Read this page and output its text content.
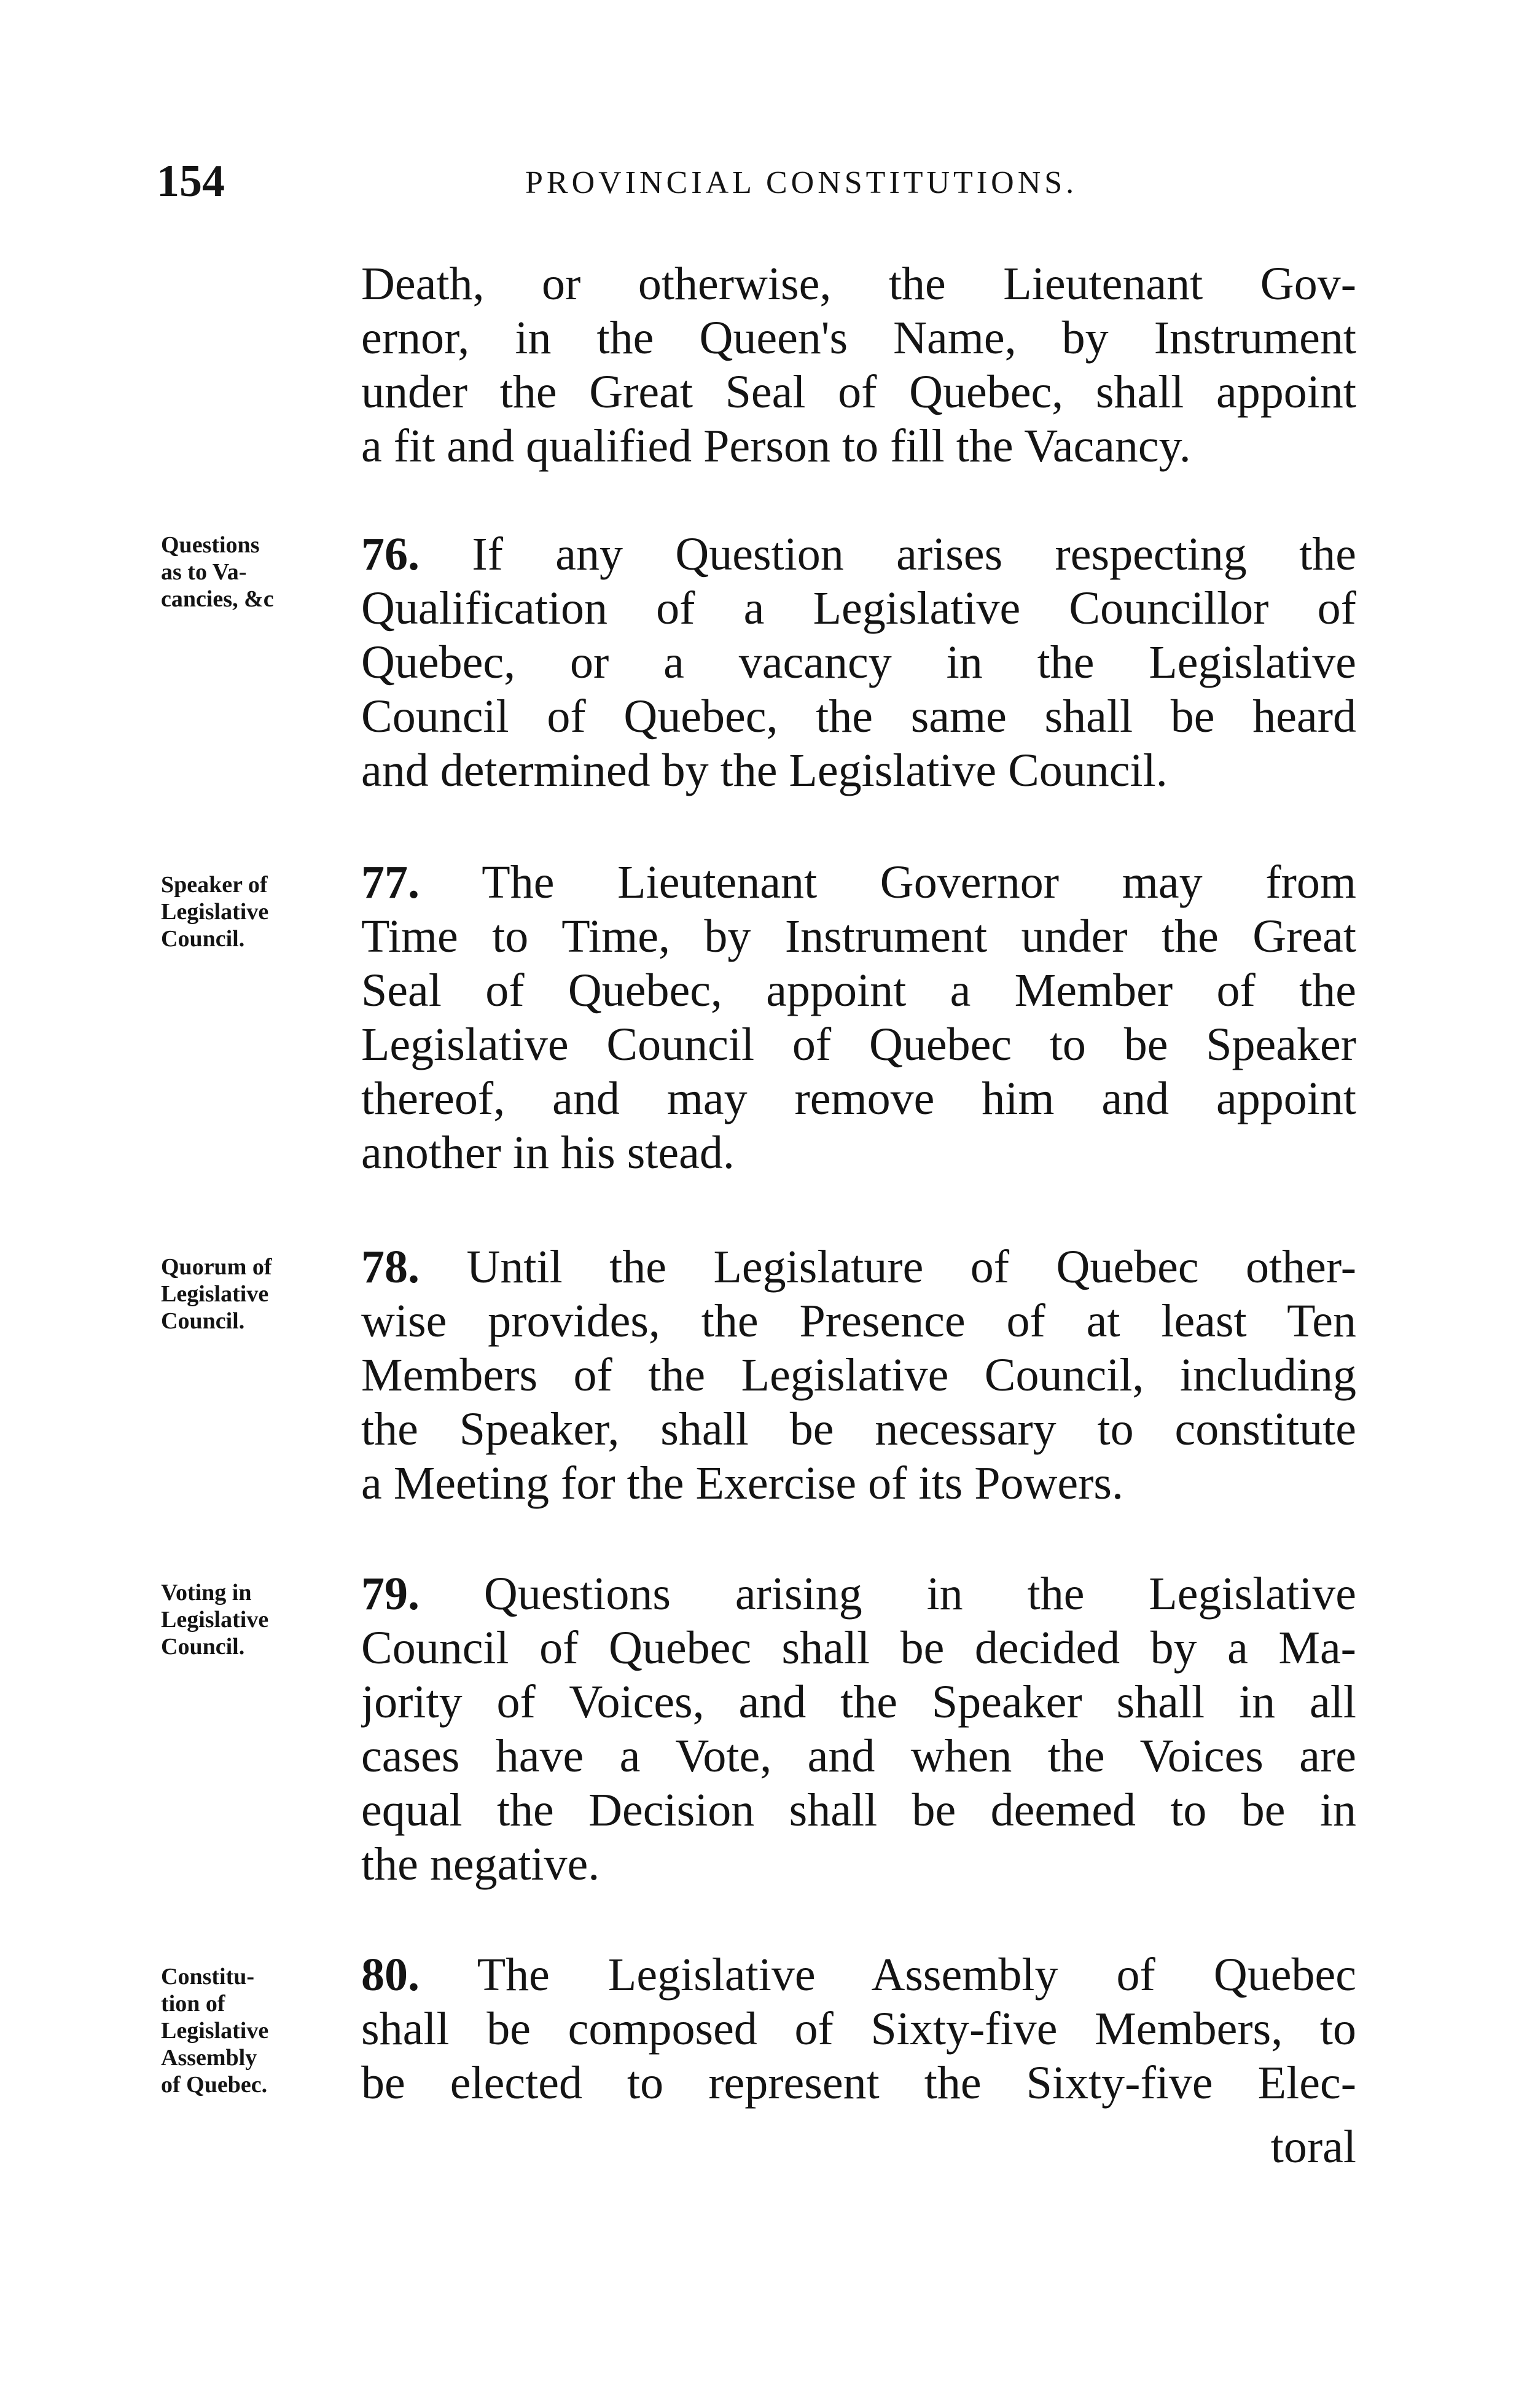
154	PROVINCIAL CONSTITUTIONS.
Death, or otherwise, the Lieutenant Gov-
ernor, in the Queen's Name, by Instrument
under the Great Seal of Quebec, shall appoint
a fit and qualified Person to fill the Vacancy.
Questions
as to Va-
cancies, &c
76. If any Question arises respecting the
Qualification of a Legislative Councillor of
Quebec, or a vacancy in the Legislative
Council of Quebec, the same shall be heard
and determined by the Legislative Council.
Speaker of
Legislative
Council.
77. The Lieutenant Governor may from
Time to Time, by Instrument under the Great
Seal of Quebec, appoint a Member of the
Legislative Council of Quebec to be Speaker
thereof, and may remove him and appoint
another in his stead.
Quorum of
Legislative
Council.
78. Until the Legislature of Quebec other-
wise provides, the Presence of at least Ten
Members of the Legislative Council, including
the Speaker, shall be necessary to constitute
a Meeting for the Exercise of its Powers.
Voting in
Legislative
Council.
79. Questions arising in the Legislative
Council of Quebec shall be decided by a Ma-
jority of Voices, and the Speaker shall in all
cases have a Vote, and when the Voices are
equal the Decision shall be deemed to be in
the negative.
Constitu-
tion of
Legislative
Assembly
of Quebec.
80. The Legislative Assembly of Quebec
shall be composed of Sixty-five Members, to
be elected to represent the Sixty-five Elec-
toral
